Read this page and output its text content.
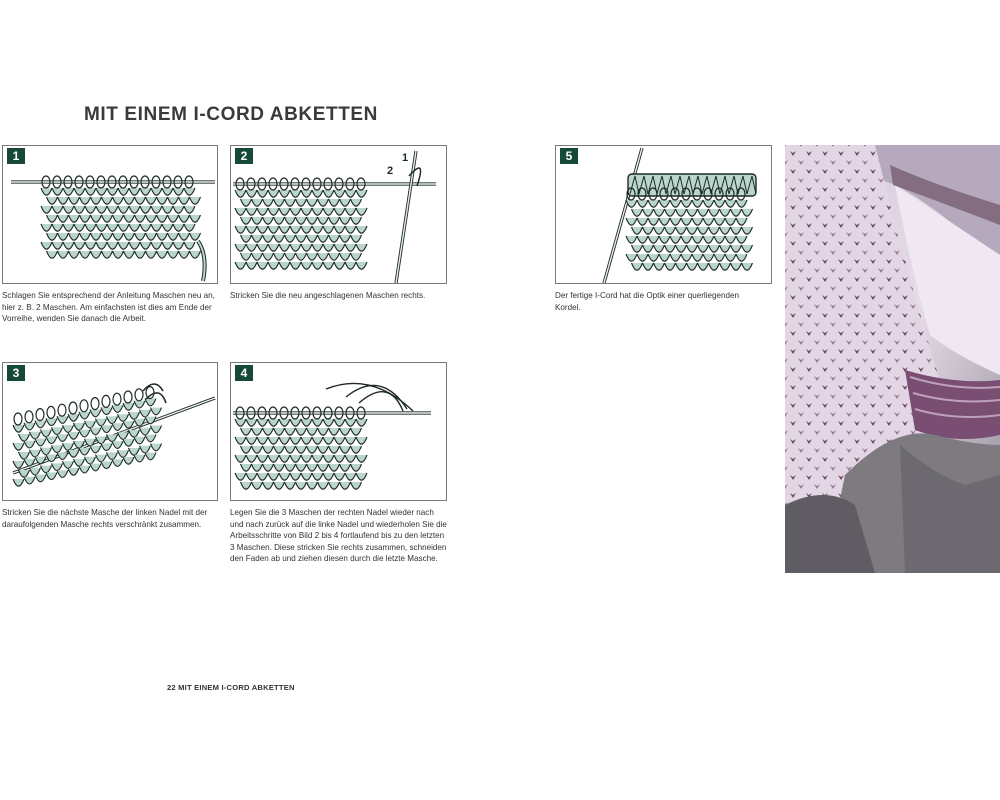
MIT EINEM I-CORD ABKETTEN
1
Schlagen Sie entsprechend der Anleitung Maschen neu an, hier z. B. 2 Maschen. Am einfachsten ist dies am Ende der Vorreihe, wenden Sie danach die Arbeit.
2
1
2
Stricken Sie die neu angeschlagenen Maschen rechts.
3
Stricken Sie die nächste Masche der linken Nadel mit der daraufolgenden Masche rechts verschränkt zusammen.
4
Legen Sie die 3 Maschen der rechten Nadel wieder nach und nach zurück auf die linke Nadel und wiederholen Sie die Arbeitsschritte von Bild 2 bis 4 fortlaufend bis zu den letzten 3 Maschen. Diese stricken Sie rechts zusammen, schneiden den Faden ab und ziehen diesen durch die letzte Masche.
5
Der fertige I-Cord hat die Optik einer querliegenden Kordel.
22 MIT EINEM I-CORD ABKETTEN
